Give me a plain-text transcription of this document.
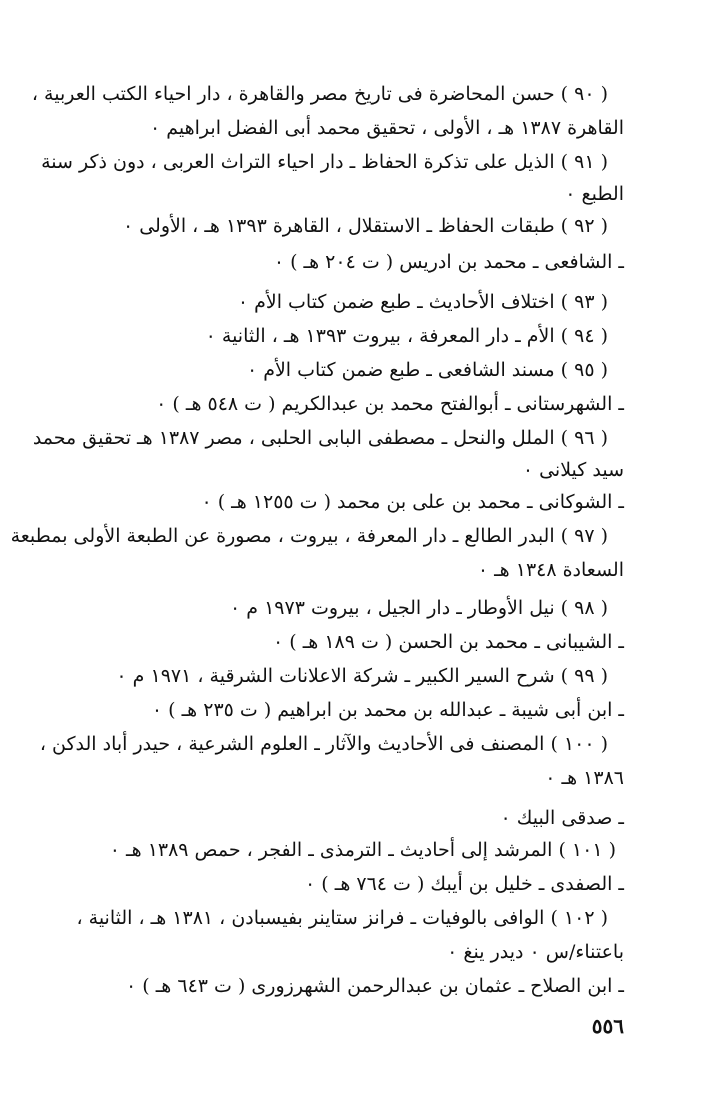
( ٩٠ ) حسن المحاضرة فى تاريخ مصر والقاهرة ، دار احياء الكتب العربية ،
القاهرة ١٣٨٧ هـ ، الأولى ، تحقيق محمد أبى الفضل ابراهيم ٠
( ٩١ ) الذيل على تذكرة الحفاظ ـ دار احياء التراث العربى ، دون ذكر سنة
الطبع ٠
( ٩٢ ) طبقات الحفاظ ـ الاستقلال ، القاهرة ١٣٩٣ هـ ، الأولى ٠
ـ الشافعى ـ محمد بن ادريس ( ت ٢٠٤ هـ ) ٠
( ٩٣ ) اختلاف الأحاديث ـ طبع ضمن كتاب الأم ٠
( ٩٤ ) الأم ـ دار المعرفة ، بيروت ١٣٩٣ هـ ، الثانية ٠
( ٩٥ ) مسند الشافعى ـ طبع ضمن كتاب الأم ٠
ـ الشهرستانى ـ أبوالفتح محمد بن عبدالكريم ( ت ٥٤٨ هـ ) ٠
( ٩٦ ) الملل والنحل ـ مصطفى البابى الحلبى ، مصر ١٣٨٧ هـ تحقيق محمد
سيد كيلانى ٠
ـ الشوكانى ـ محمد بن على بن محمد ( ت ١٢٥٥ هـ ) ٠
( ٩٧ ) البدر الطالع ـ دار المعرفة ، بيروت ، مصورة عن الطبعة الأولى بمطبعة
السعادة ١٣٤٨ هـ ٠
( ٩٨ ) نيل الأوطار ـ دار الجيل ، بيروت ١٩٧٣ م ٠
ـ الشيبانى ـ محمد بن الحسن ( ت ١٨٩ هـ ) ٠
( ٩٩ ) شرح السير الكبير ـ شركة الاعلانات الشرقية ، ١٩٧١ م ٠
ـ ابن أبى شيبة ـ عبدالله بن محمد بن ابراهيم ( ت ٢٣٥ هـ ) ٠
( ١٠٠ ) المصنف فى الأحاديث والآثار ـ العلوم الشرعية ، حيدر أباد الدكن ،
١٣٨٦ هـ ٠
ـ صدقى البيك ٠
( ١٠١ ) المرشد إلى أحاديث ـ الترمذى ـ الفجر ، حمص ١٣٨٩ هـ ٠
ـ الصفدى ـ خليل بن أيبك ( ت ٧٦٤ هـ ) ٠
( ١٠٢ ) الوافى بالوفيات ـ فرانز ستاينر بفيسبادن ، ١٣٨١ هـ ، الثانية ،
باعتناء/س ٠ ديدر ينغ ٠
ـ ابن الصلاح ـ عثمان بن عبدالرحمن الشهرزورى ( ت ٦٤٣ هـ ) ٠
٥٥٦
